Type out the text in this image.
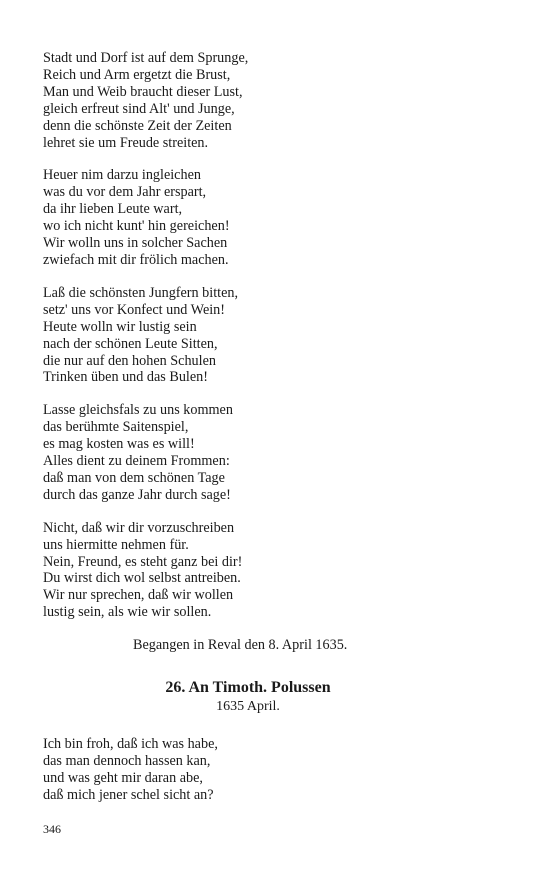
Stadt und Dorf ist auf dem Sprunge,
Reich und Arm ergetzt die Brust,
Man und Weib braucht dieser Lust,
gleich erfreut sind Alt' und Junge,
denn die schönste Zeit der Zeiten
lehret sie um Freude streiten.
Heuer nim darzu ingleichen
was du vor dem Jahr erspart,
da ihr lieben Leute wart,
wo ich nicht kunt' hin gereichen!
Wir wolln uns in solcher Sachen
zwiefach mit dir frölich machen.
Laß die schönsten Jungfern bitten,
setz' uns vor Konfect und Wein!
Heute wolln wir lustig sein
nach der schönen Leute Sitten,
die nur auf den hohen Schulen
Trinken üben und das Bulen!
Lasse gleichsfals zu uns kommen
das berühmte Saitenspiel,
es mag kosten was es will!
Alles dient zu deinem Frommen:
daß man von dem schönen Tage
durch das ganze Jahr durch sage!
Nicht, daß wir dir vorzuschreiben
uns hiermitte nehmen für.
Nein, Freund, es steht ganz bei dir!
Du wirst dich wol selbst antreiben.
Wir nur sprechen, daß wir wollen
lustig sein, als wie wir sollen.
Begangen in Reval den 8. April 1635.
26. An Timoth. Polussen
1635 April.
Ich bin froh, daß ich was habe,
das man dennoch hassen kan,
und was geht mir daran abe,
daß mich jener schel sicht an?
346
